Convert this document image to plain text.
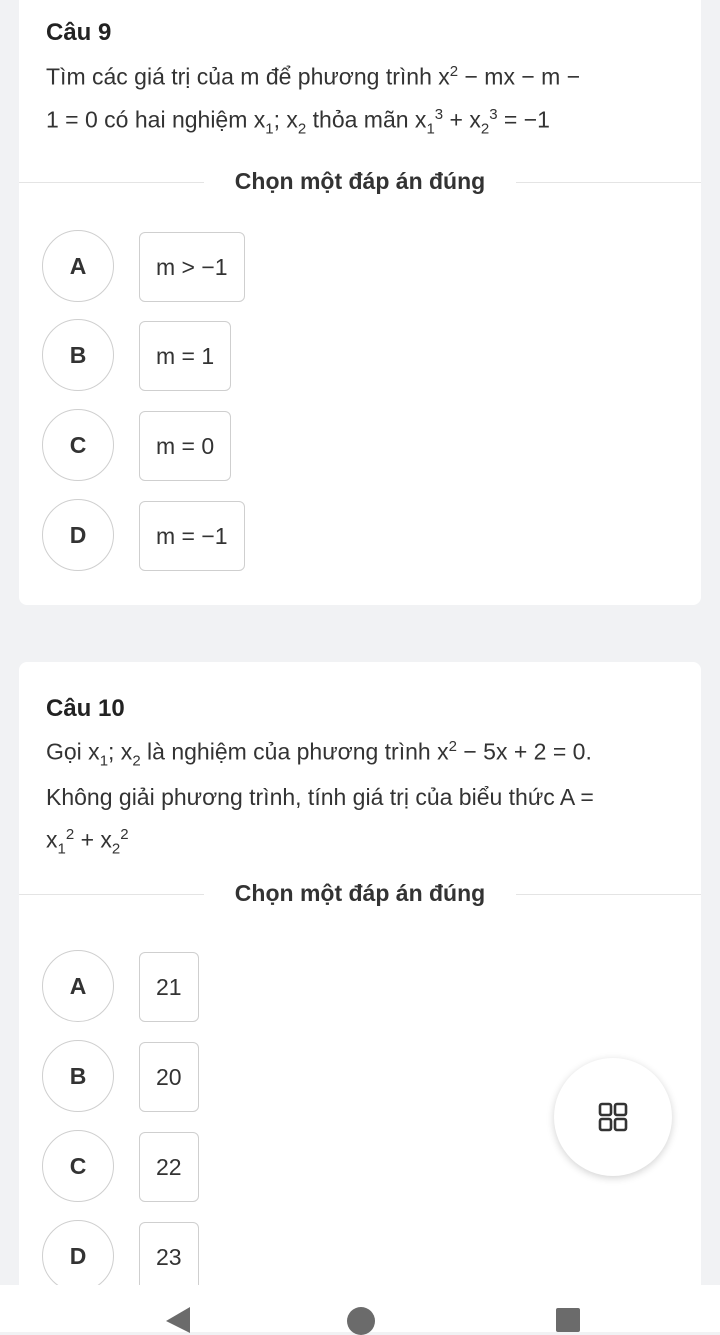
Câu 9
Tìm các giá trị của m để phương trình $x^2$ − mx − m −
1 = 0 có hai nghiệm $x_1$; $x_2$ thỏa mãn $x_1^3 + x_2^3 = -1$
Chọn một đáp án đúng
A	m > −1
B	m = 1
C	m = 0
D	m = −1
Câu 10
Gọi $x_1$; $x_2$ là nghiệm của phương trình $x^2 - 5x + 2 = 0$.
Không giải phương trình, tính giá trị của biểu thức A =
$x_1^2 + x_2^2$
Chọn một đáp án đúng
A	21
B	20
C	22
D	23
